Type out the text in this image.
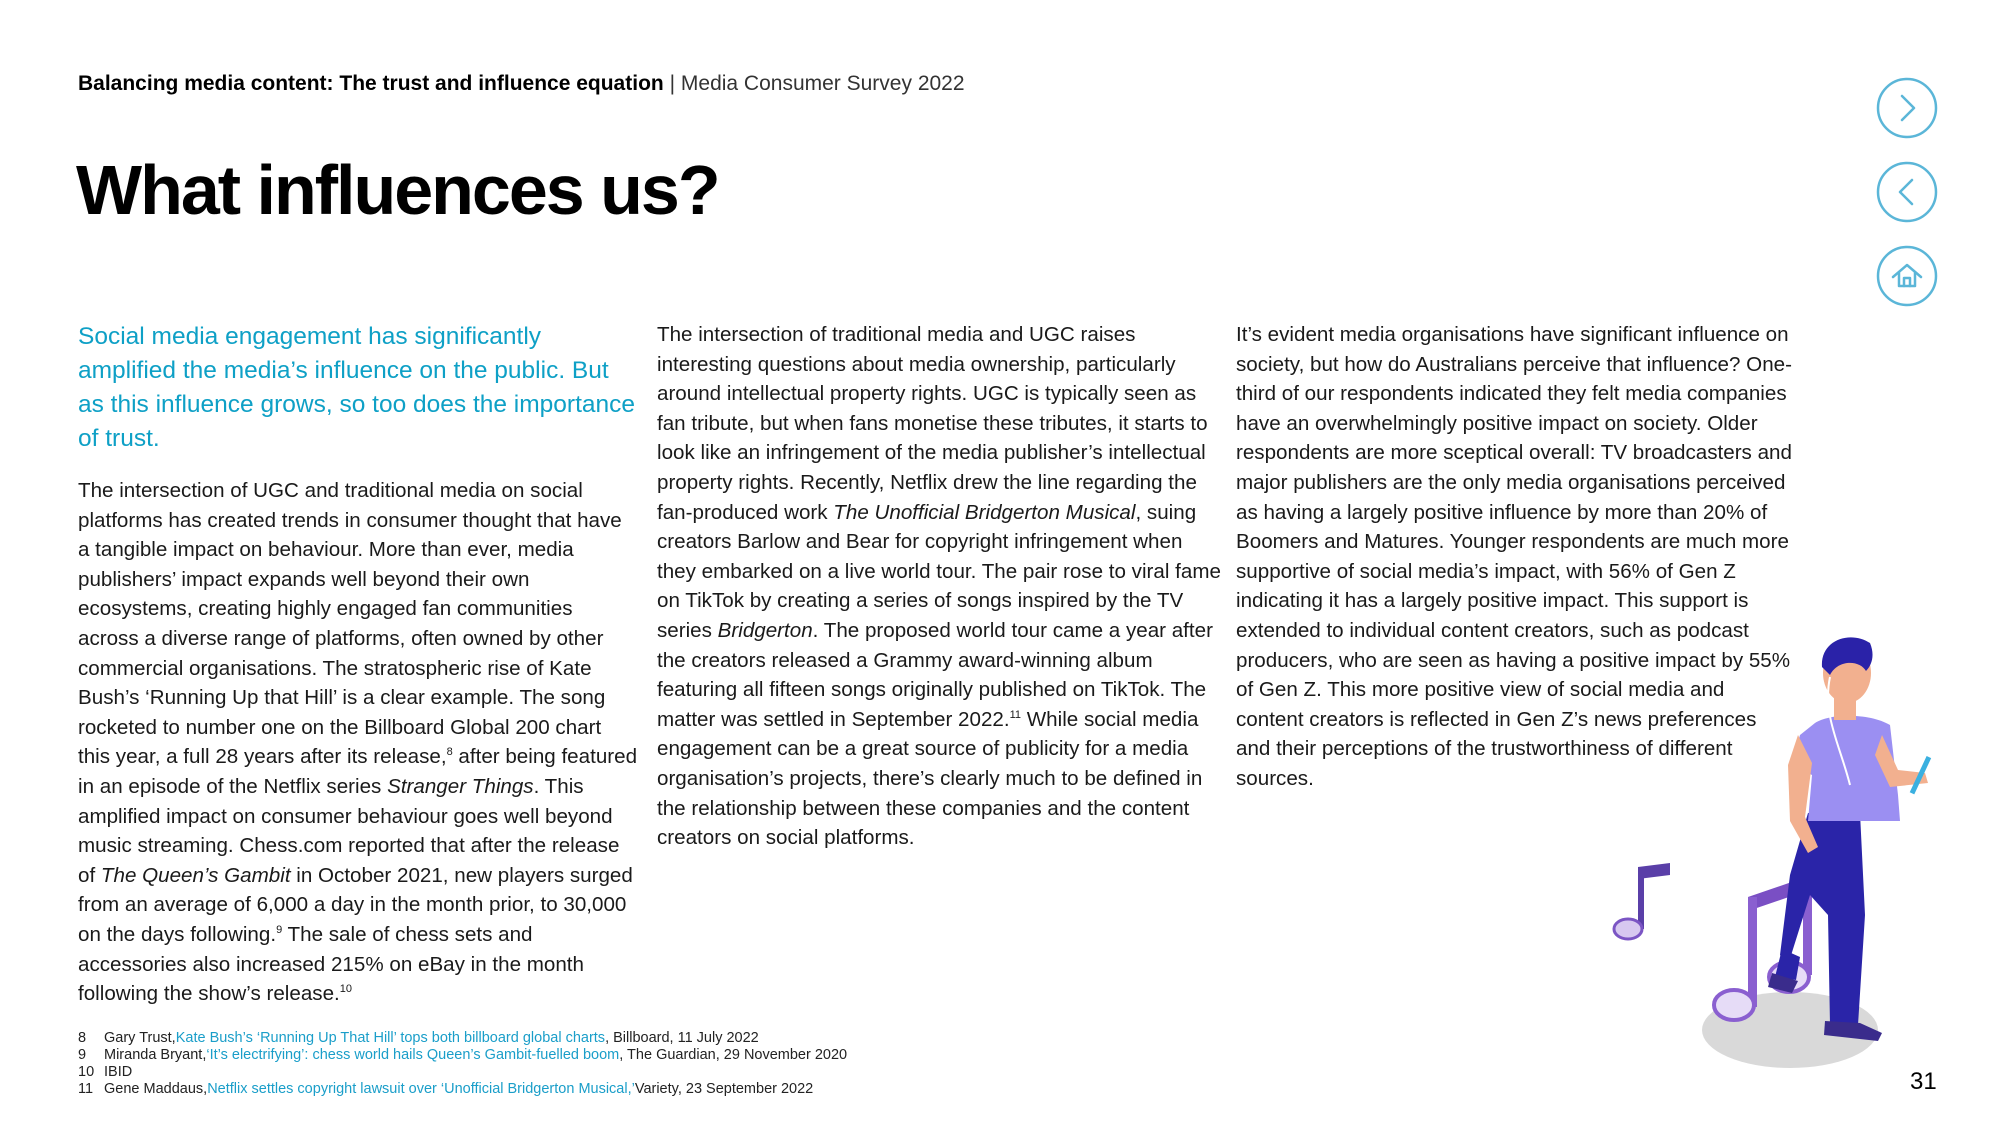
Balancing media content: The trust and influence equation | Media Consumer Survey 2022
What influences us?

Social media engagement has significantly amplified the media’s influence on the public. But as this influence grows, so too does the importance of trust.

The intersection of UGC and traditional media on social platforms has created trends in consumer thought that have a tangible impact on behaviour. More than ever, media publishers’ impact expands well beyond their own ecosystems, creating highly engaged fan communities across a diverse range of platforms, often owned by other commercial organisations. The stratospheric rise of Kate Bush’s ‘Running Up that Hill’ is a clear example. The song rocketed to number one on the Billboard Global 200 chart this year, a full 28 years after its release,$^8$ after being featured in an episode of the Netflix series Stranger Things. This amplified impact on consumer behaviour goes well beyond music streaming. Chess.com reported that after the release of The Queen’s Gambit in October 2021, new players surged from an average of 6,000 a day in the month prior, to 30,000 on the days following.$^9$ The sale of chess sets and accessories also increased 215% on eBay in the month following the show’s release.$^{10}$

The intersection of traditional media and UGC raises interesting questions about media ownership, particularly around intellectual property rights. UGC is typically seen as fan tribute, but when fans monetise these tributes, it starts to look like an infringement of the media publisher’s intellectual property rights. Recently, Netflix drew the line regarding the fan-produced work The Unofficial Bridgerton Musical, suing creators Barlow and Bear for copyright infringement when they embarked on a live world tour. The pair rose to viral fame on TikTok by creating a series of songs inspired by the TV series Bridgerton. The proposed world tour came a year after the creators released a Grammy award-winning album featuring all fifteen songs originally published on TikTok. The matter was settled in September 2022.11 While social media engagement can be a great source of publicity for a media organisation’s projects, there’s clearly much to be defined in the relationship between these companies and the content creators on social platforms.

It’s evident media organisations have significant influence on society, but how do Australians perceive that influence? One-third of our respondents indicated they felt media companies have an overwhelmingly positive impact on society. Older respondents are more sceptical overall: TV broadcasters and major publishers are the only media organisations perceived as having a largely positive influence by more than 20% of Boomers and Matures. Younger respondents are much more supportive of social media’s impact, with 56% of Gen Z indicating it has a largely positive impact. This support is extended to individual content creators, such as podcast producers, who are seen as having a positive impact by 55% of Gen Z. This more positive view of social media and content creators is reflected in Gen Z’s news preferences and their perceptions of the trustworthiness of different sources.

8	Gary Trust, Kate Bush’s ‘Running Up That Hill’ tops both billboard global charts , Billboard, 11 July 2022
9	Miranda Bryant, ‘It’s electrifying’: chess world hails Queen’s Gambit-fuelled boom , The Guardian, 29 November 2020
10 IBID
11 Gene Maddaus, Netflix settles copyright lawsuit over ‘Unofficial Bridgerton Musical,’ Variety, 23 September 2022	31
